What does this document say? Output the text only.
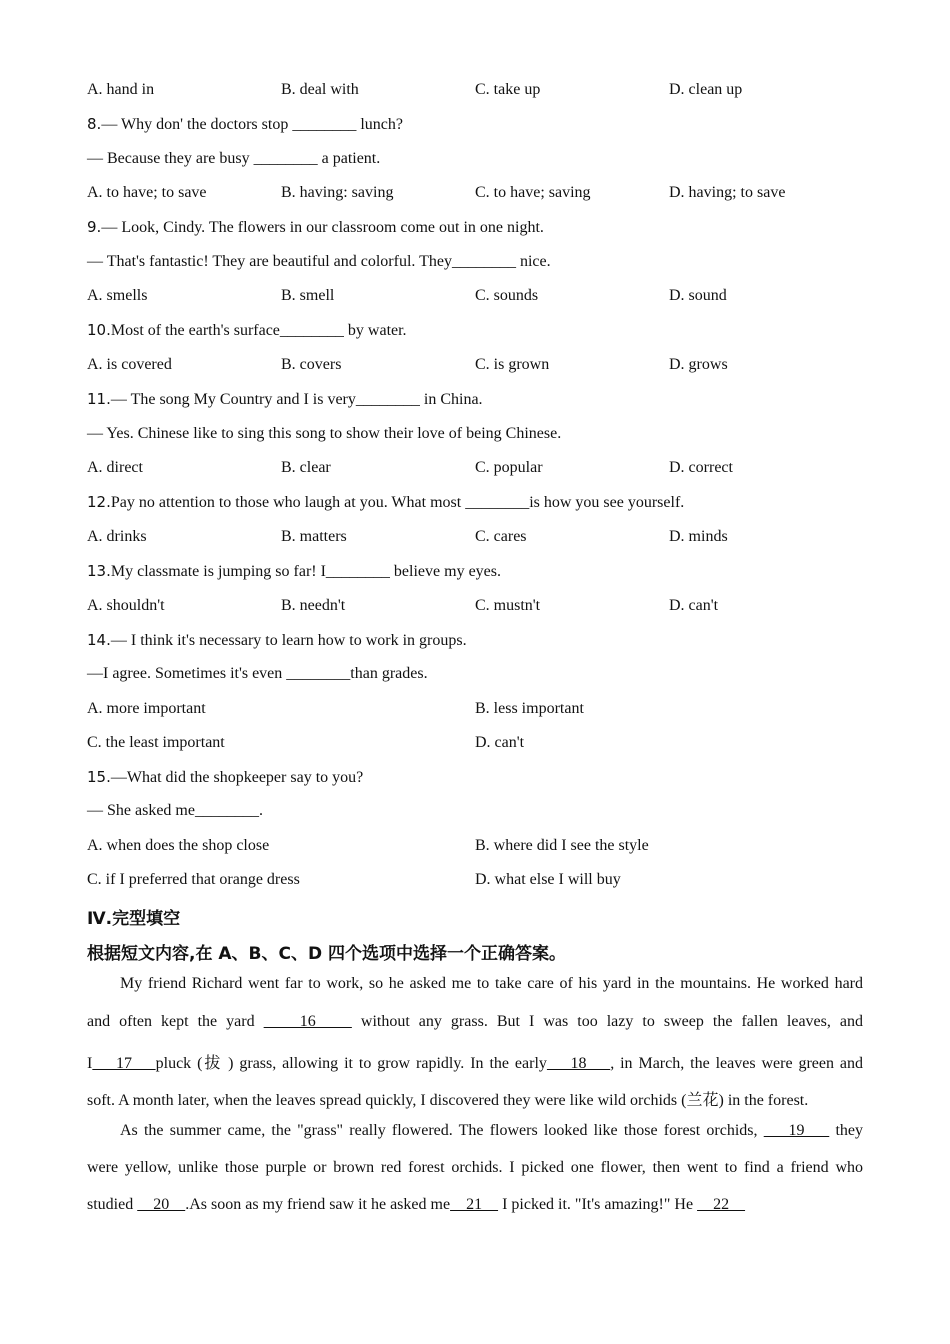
A. hand in	B. deal with	C. take up	D. clean up
8.— Why don' the doctors stop ________ lunch?
— Because they are busy ________ a patient.
A. to have; to save	B. having: saving	C. to have; saving	D. having; to save
9.— Look, Cindy. The flowers in our classroom come out in one night.
— That's fantastic! They are beautiful and colorful. They________ nice.
A. smells	B. smell	C. sounds	D. sound
10.Most of the earth's surface________ by water.
A. is covered	B. covers	C. is grown	D. grows
11.— The song My Country and I is very________ in China.
— Yes. Chinese like to sing this song to show their love of being Chinese.
A. direct	B. clear	C. popular	D. correct
12.Pay no attention to those who laugh at you. What most ________is how you see yourself.
A. drinks	B. matters	C. cares	D. minds
13.My classmate is jumping so far! I________ believe my eyes.
A. shouldn't	B. needn't	C. mustn't	D. can't
14.— I think it's necessary to learn how to work in groups.
—I agree. Sometimes it's even ________than grades.
A. more important	B. less important
C. the least important	D. can't
15.—What did the shopkeeper say to you?
— She asked me________.
A. when does the shop close	B. where did I see the style
C. if I preferred that orange dress	D. what else I will buy
Ⅳ.完型填空
根据短文内容,在 A、B、C、D 四个选项中选择一个正确答案。
My friend Richard went far to work, so he asked me to take care of his yard in the mountains. He worked hard
and often kept the yard     16     without any grass. But I was too lazy to sweep the fallen leaves, and
I    17    pluck (拔 ) grass, allowing it to grow rapidly. In the early    18    , in March, the leaves were green and
soft. A month later, when the leaves spread quickly, I discovered they were like wild orchids (兰花) in the forest.
As the summer came, the "grass" really flowered. The flowers looked like those forest orchids,     19     they
were yellow, unlike those purple or brown red forest orchids. I picked one flower, then went to find a friend who
studied     20    .As soon as my friend saw it he asked me    21     I picked it. "It's amazing!" He     22
